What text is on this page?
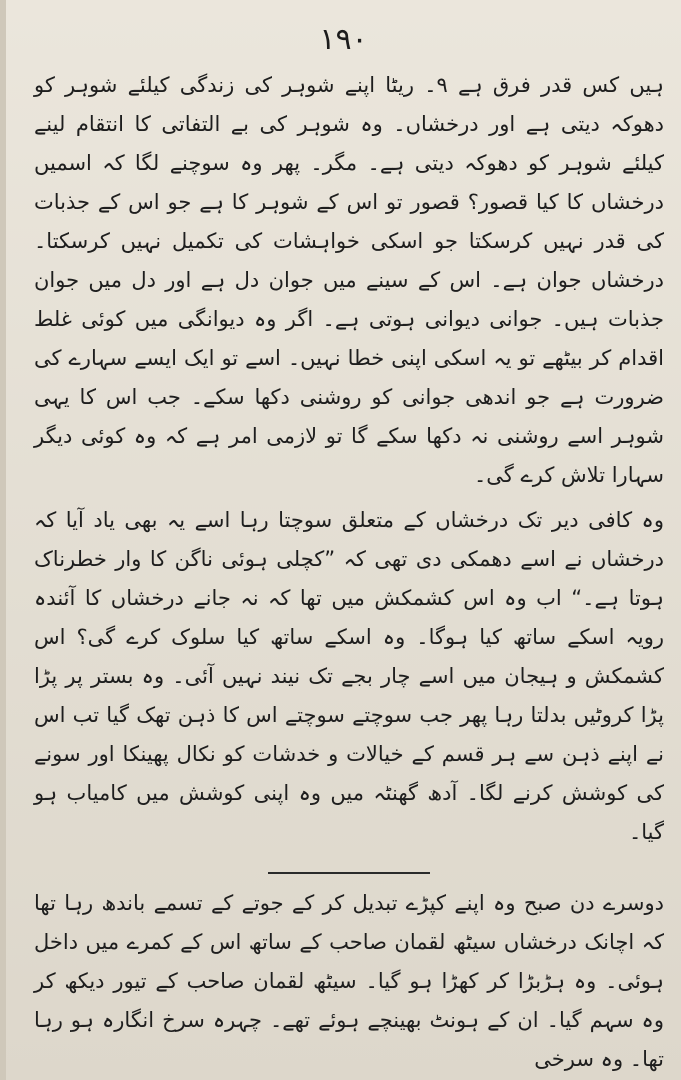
۱۹۰

ہیں کس قدر فرق ہے ۹۔ ریٹا اپنے شوہر کی زندگی کیلئے شوہر کو دھوکہ دیتی ہے اور درخشاں۔ وہ شوہر کی بے التفاتی کا انتقام لینے کیلئے شوہر کو دھوکہ دیتی ہے۔ مگر۔ پھر وہ سوچنے لگا کہ اسمیں درخشاں کا کیا قصور؟ قصور تو اس کے شوہر کا ہے جو اس کے جذبات کی قدر نہیں کرسکتا جو اسکی خواہشات کی تکمیل نہیں کرسکتا۔ درخشاں جوان ہے۔ اس کے سینے میں جوان دل ہے اور دل میں جوان جذبات ہیں۔ جوانی دیوانی ہوتی ہے۔ اگر وہ دیوانگی میں کوئی غلط اقدام کر بیٹھے تو یہ اسکی اپنی خطا نہیں۔ اسے تو ایک ایسے سہارے کی ضرورت ہے جو اندھی جوانی کو روشنی دکھا سکے۔ جب اس کا یہی شوہر اسے روشنی نہ دکھا سکے گا تو لازمی امر ہے کہ وہ کوئی دیگر سہارا تلاش کرے گی۔

وہ کافی دیر تک درخشاں کے متعلق سوچتا رہا اسے یہ بھی یاد آیا کہ درخشاں نے اسے دھمکی دی تھی کہ ”کچلی ہوئی ناگن کا وار خطرناک ہوتا ہے۔“ اب وہ اس کشمکش میں تھا کہ نہ جانے درخشاں کا آئندہ رویہ اسکے ساتھ کیا ہوگا۔ وہ اسکے ساتھ کیا سلوک کرے گی؟ اس کشمکش و ہیجان میں اسے چار بجے تک نیند نہیں آئی۔ وہ بستر پر پڑا پڑا کروٹیں بدلتا رہا پھر جب سوچتے سوچتے اس کا ذہن تھک گیا تب اس نے اپنے ذہن سے ہر قسم کے خیالات و خدشات کو نکال پھینکا اور سونے کی کوشش کرنے لگا۔ آدھ گھنٹہ میں وہ اپنی کوشش میں کامیاب ہو گیا۔

دوسرے دن صبح وہ اپنے کپڑے تبدیل کر کے جوتے کے تسمے باندھ رہا تھا کہ اچانک درخشاں سیٹھ لقمان صاحب کے ساتھ اس کے کمرے میں داخل ہوئی۔ وہ ہڑبڑا کر کھڑا ہو گیا۔ سیٹھ لقمان صاحب کے تیور دیکھ کر وہ سہم گیا۔ ان کے ہونٹ بھینچے ہوئے تھے۔ چہرہ سرخ انگارہ ہو رہا تھا۔ وہ سرخی
